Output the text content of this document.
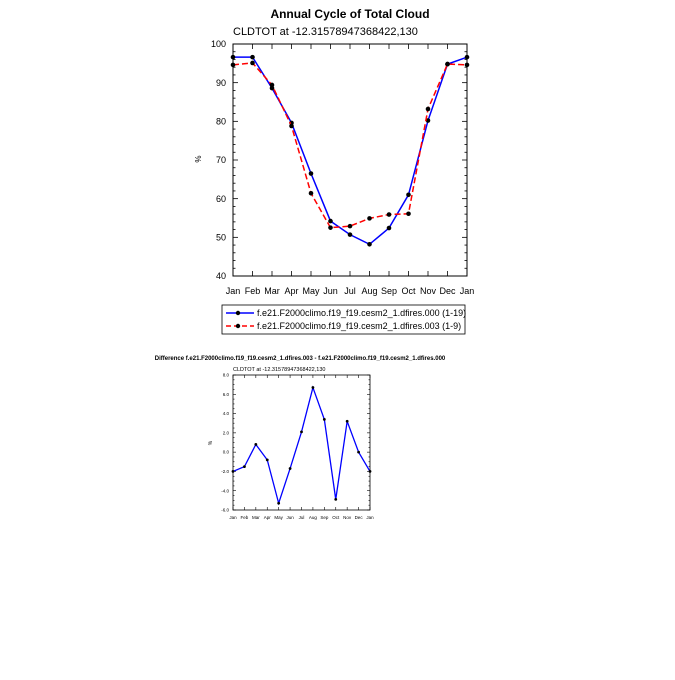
Annual Cycle of Total Cloud
CLDTOT at -12.31578947368422,130
%
Jan Feb Mar Apr May Jun Jul Aug Sep Oct Nov Dec Jan
40
50
60
70
80
90
100
f.e21.F2000climo.f19_f19.cesm2_1.dfires.000 (1-19)
f.e21.F2000climo.f19_f19.cesm2_1.dfires.003 (1-9)
Difference f.e21.F2000climo.f19_f19.cesm2_1.dfires.003 - f.e21.F2000climo.f19_f19.cesm2_1.dfires.000
CLDTOT at -12.31578947368422,130
%
Jan Feb Mar Apr May Jun Jul Aug Sep Oct Nov Dec Jan
-6.0
-4.0
-2.0
0.0
2.0
4.0
6.0
8.0
